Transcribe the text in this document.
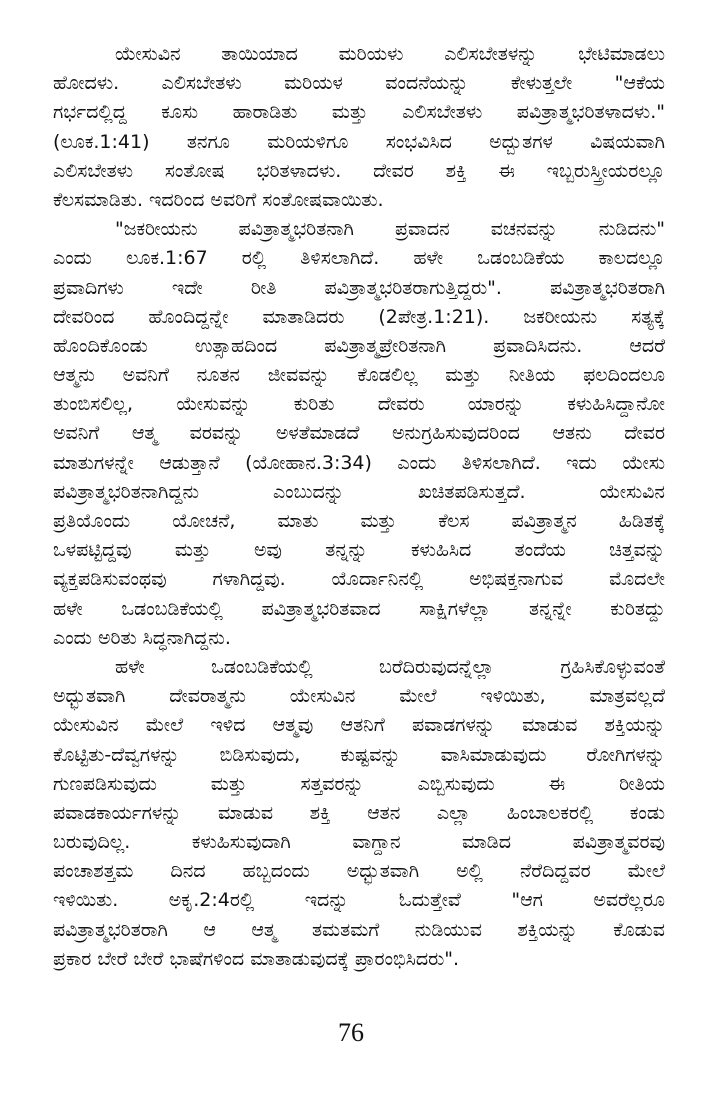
ಯೇಸುವಿನ ತಾಯಿಯಾದ ಮರಿಯಳು ಎಲಿಸಬೇತಳನ್ನು ಭೇಟಿಮಾಡಲು
ಹೋದಳು. ಎಲಿಸಬೇತಳು ಮರಿಯಳ ವಂದನೆಯನ್ನು ಕೇಳುತ್ತಲೇ "ಆಕೆಯ
ಗರ್ಭದಲ್ಲಿದ್ದ ಕೂಸು ಹಾರಾಡಿತು ಮತ್ತು ಎಲಿಸಬೇತಳು ಪವಿತ್ರಾತ್ಮಭರಿತಳಾದಳು."
(ಲೂಕ.1:41) ತನಗೂ ಮರಿಯಳಿಗೂ ಸಂಭವಿಸಿದ ಅದ್ಬುತಗಳ ವಿಷಯವಾಗಿ
ಎಲಿಸಬೇತಳು ಸಂತೋಷ ಭರಿತಳಾದಳು. ದೇವರ ಶಕ್ತಿ ಈ ಇಬ್ಬರುಸ್ತ್ರೀಯರಲ್ಲೂ
ಕೆಲಸಮಾಡಿತು. ಇದರಿಂದ ಅವರಿಗೆ ಸಂತೋಷವಾಯಿತು.
"ಜಕರೀಯನು ಪವಿತ್ರಾತ್ಮಭರಿತನಾಗಿ ಪ್ರವಾದನ ವಚನವನ್ನು ನುಡಿದನು"
ಎಂದು ಲೂಕ.1:67 ರಲ್ಲಿ ತಿಳಿಸಲಾಗಿದೆ. ಹಳೇ ಒಡಂಬಡಿಕೆಯ ಕಾಲದಲ್ಲೂ
ಪ್ರವಾದಿಗಳು ಇದೇ ರೀತಿ ಪವಿತ್ರಾತ್ಮಭರಿತರಾಗುತ್ತಿದ್ದರು". ಪವಿತ್ರಾತ್ಮಭರಿತರಾಗಿ
ದೇವರಿಂದ ಹೊಂದಿದ್ದನ್ನೇ ಮಾತಾಡಿದರು (2ಪೇತ್ರ.1:21). ಜಕರೀಯನು ಸತ್ಯಕ್ಕೆ
ಹೊಂದಿಕೊಂಡು ಉತ್ಸಾಹದಿಂದ ಪವಿತ್ರಾತ್ಮಪ್ರೇರಿತನಾಗಿ ಪ್ರವಾದಿಸಿದನು. ಆದರೆ
ಆತ್ಮನು ಅವನಿಗೆ ನೂತನ ಜೀವವನ್ನು ಕೊಡಲಿಲ್ಲ ಮತ್ತು ನೀತಿಯ ಫಲದಿಂದಲೂ
ತುಂಬಿಸಲಿಲ್ಲ, ಯೇಸುವನ್ನು ಕುರಿತು ದೇವರು ಯಾರನ್ನು ಕಳುಹಿಸಿದ್ದಾನೋ
ಅವನಿಗೆ ಆತ್ಮ ವರವನ್ನು ಅಳತೆಮಾಡದೆ ಅನುಗ್ರಹಿಸುವುದರಿಂದ ಆತನು ದೇವರ
ಮಾತುಗಳನ್ನೇ ಆಡುತ್ತಾನೆ (ಯೋಹಾನ.3:34) ಎಂದು ತಿಳಿಸಲಾಗಿದೆ. ಇದು ಯೇಸು
ಪವಿತ್ರಾತ್ಮಭರಿತನಾಗಿದ್ದನು ಎಂಬುದನ್ನು ಖಚಿತಪಡಿಸುತ್ತದೆ. ಯೇಸುವಿನ
ಪ್ರತಿಯೊಂದು ಯೋಚನೆ, ಮಾತು ಮತ್ತು ಕೆಲಸ ಪವಿತ್ರಾತ್ಮನ ಹಿಡಿತಕ್ಕೆ
ಒಳಪಟ್ಟಿದ್ದವು ಮತ್ತು ಅವು ತನ್ನನ್ನು ಕಳುಹಿಸಿದ ತಂದೆಯ ಚಿತ್ತವನ್ನು
ವ್ಯಕ್ತಪಡಿಸುವಂಥವು ಗಳಾಗಿದ್ದವು. ಯೊರ್ದಾನಿನಲ್ಲಿ ಅಭಿಷಕ್ತನಾಗುವ ಮೊದಲೇ
ಹಳೇ ಒಡಂಬಡಿಕೆಯಲ್ಲಿ ಪವಿತ್ರಾತ್ಮಭರಿತವಾದ ಸಾಕ್ಷಿಗಳೆಲ್ಲಾ ತನ್ನನ್ನೇ ಕುರಿತದ್ದು
ಎಂದು ಅರಿತು ಸಿದ್ಧನಾಗಿದ್ದನು.
ಹಳೇ ಒಡಂಬಡಿಕೆಯಲ್ಲಿ ಬರೆದಿರುವುದನ್ನೆಲ್ಲಾ ಗ್ರಹಿಸಿಕೊಳ್ಳುವಂತೆ
ಅಧ್ಭುತವಾಗಿ ದೇವರಾತ್ಮನು ಯೇಸುವಿನ ಮೇಲೆ ಇಳಿಯಿತು, ಮಾತ್ರವಲ್ಲದೆ
ಯೇಸುವಿನ ಮೇಲೆ ಇಳಿದ ಆತ್ಮವು ಆತನಿಗೆ ಪವಾಡಗಳನ್ನು ಮಾಡುವ ಶಕ್ತಿಯನ್ನು
ಕೊಟ್ಟಿತು-ದೆವ್ವಗಳನ್ನು ಬಿಡಿಸುವುದು, ಕುಷ್ಟವನ್ನು ವಾಸಿಮಾಡುವುದು ರೋಗಿಗಳನ್ನು
ಗುಣಪಡಿಸುವುದು ಮತ್ತು ಸತ್ತವರನ್ನು ಎಬ್ಬಿಸುವುದು ಈ ರೀತಿಯ
ಪವಾಡಕಾರ್ಯಗಳನ್ನು ಮಾಡುವ ಶಕ್ತಿ ಆತನ ಎಲ್ಲಾ ಹಿಂಬಾಲಕರಲ್ಲಿ ಕಂಡು
ಬರುವುದಿಲ್ಲ. ಕಳುಹಿಸುವುದಾಗಿ ವಾಗ್ದಾನ ಮಾಡಿದ ಪವಿತ್ರಾತ್ಮವರವು
ಪಂಚಾಶತ್ತಮ ದಿನದ ಹಬ್ಬದಂದು ಅಧ್ಭುತವಾಗಿ ಅಲ್ಲಿ ನೆರೆದಿದ್ದವರ ಮೇಲೆ
ಇಳಿಯಿತು. ಅಕೃ.2:4ರಲ್ಲಿ ಇದನ್ನು ಓದುತ್ತೇವೆ "ಆಗ ಅವರೆಲ್ಲರೂ
ಪವಿತ್ರಾತ್ಮಭರಿತರಾಗಿ ಆ ಆತ್ಮ ತಮತಮಗೆ ನುಡಿಯುವ ಶಕ್ತಿಯನ್ನು ಕೊಡುವ
ಪ್ರಕಾರ ಬೇರೆ ಬೇರೆ ಭಾಷೆಗಳಿಂದ ಮಾತಾಡುವುದಕ್ಕೆ ಪ್ರಾರಂಭಿಸಿದರು".
76
